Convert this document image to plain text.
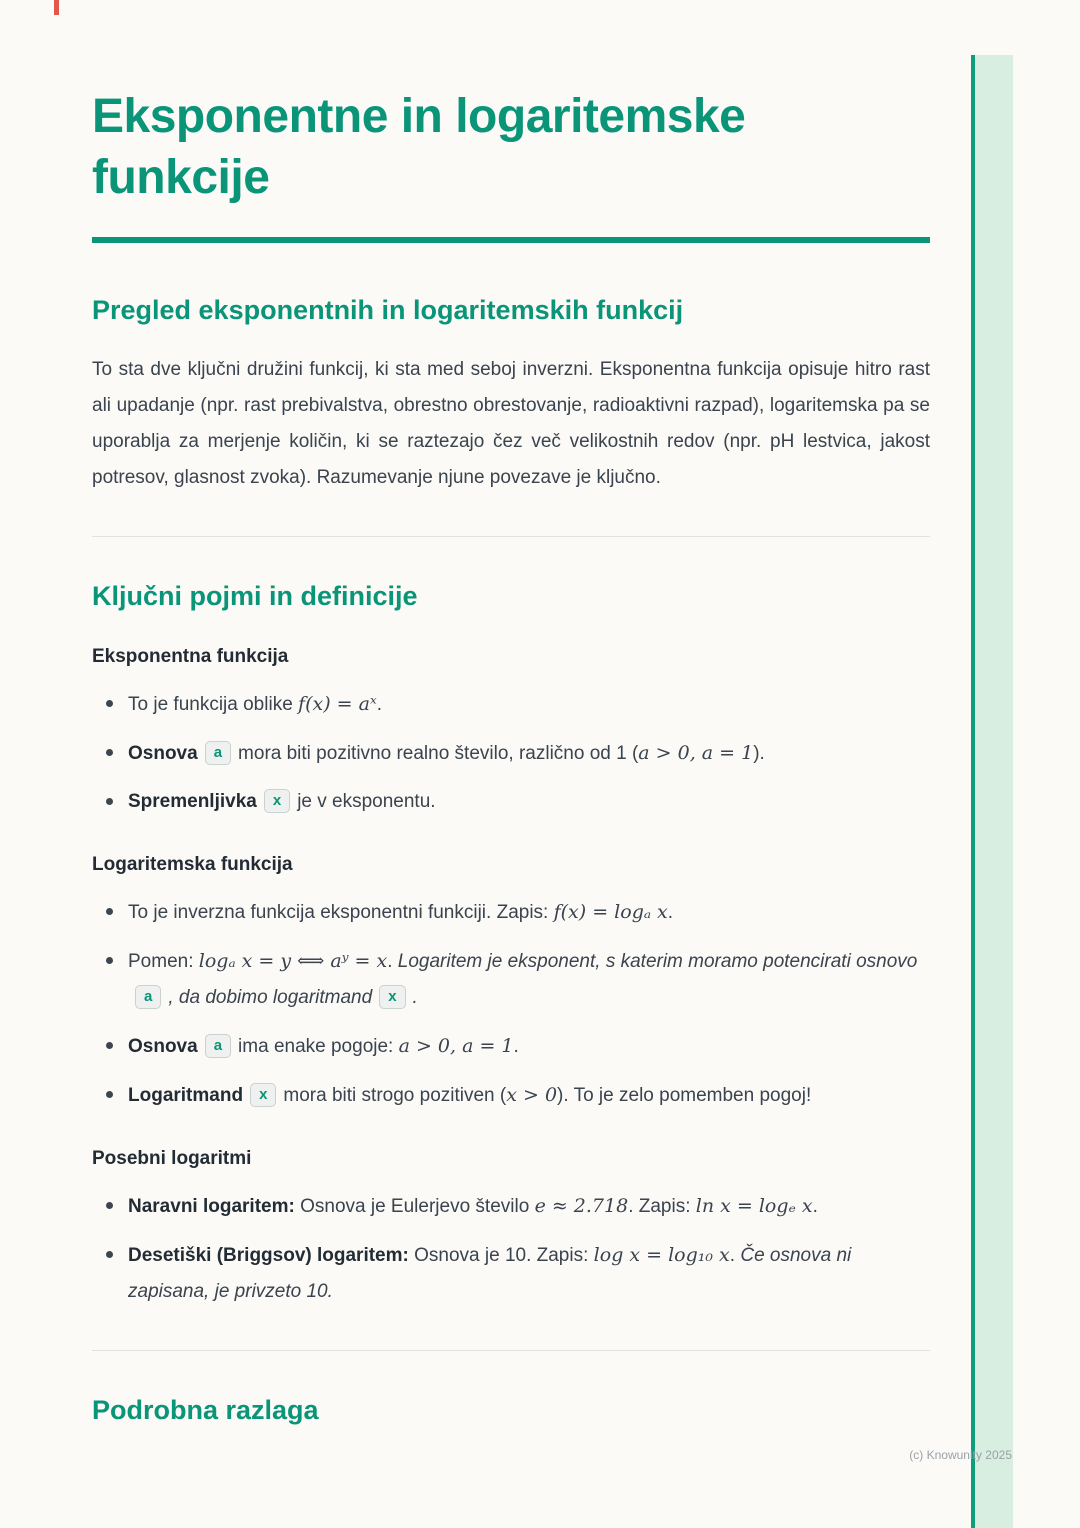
Eksponentne in logaritemske funkcije
Pregled eksponentnih in logaritemskih funkcij

To sta dve ključni družini funkcij, ki sta med seboj inverzni. Eksponentna funkcija opisuje hitro rast ali upadanje (npr. rast prebivalstva, obrestno obrestovanje, radioaktivni razpad), logaritemska pa se uporablja za merjenje količin, ki se raztezajo čez več velikostnih redov (npr. pH lestvica, jakost potresov, glasnost zvoka). Razumevanje njune povezave je ključno.

Ključni pojmi in definicije
Eksponentna funkcija
To je funkcija oblike f(x) = aˣ.
Osnova a mora biti pozitivno realno število, različno od 1 (a > 0, a = 1).
Spremenljivka x je v eksponentu.
Logaritemska funkcija
To je inverzna funkcija eksponentni funkciji. Zapis: f(x) = logₐ x.
Pomen: logₐ x = y ⟺ aʸ = x. Logaritem je eksponent, s katerim moramo potencirati osnovoa , da dobimo logaritmand x .
Osnova a ima enake pogoje: a > 0, a = 1.
Logaritmand x mora biti strogo pozitiven (x > 0). To je zelo pomemben pogoj!
Posebni logaritmi
Naravni logaritem: Osnova je Eulerjevo število e ≈ 2.718. Zapis: ln x = logₑ x.
Desetiški (Briggsov) logaritem: Osnova je 10. Zapis: log x = log₁₀ x. Če osnova ni zapisana, je privzeto 10.
Podrobna razlaga
(c) Knowunity 2025
